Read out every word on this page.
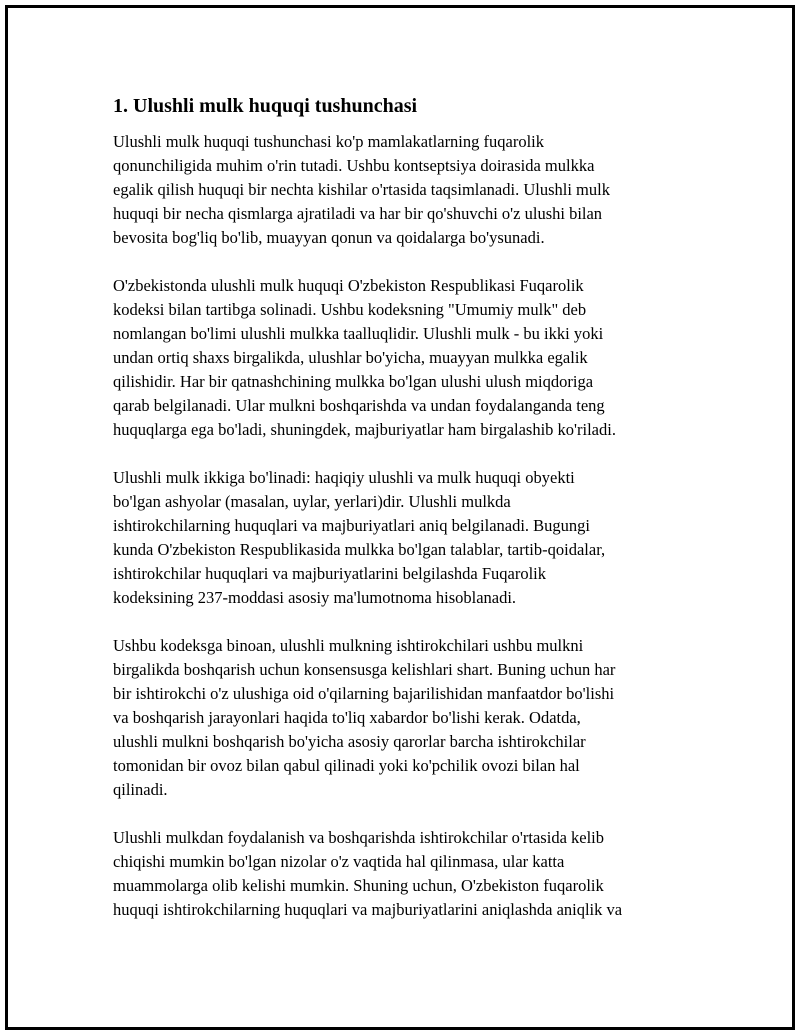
1. Ulushli mulk huquqi tushunchasi
Ulushli mulk huquqi tushunchasi ko'p mamlakatlarning fuqarolik
qonunchiligida muhim o'rin tutadi. Ushbu kontseptsiya doirasida mulkka
egalik qilish huquqi bir nechta kishilar o'rtasida taqsimlanadi. Ulushli mulk
huquqi bir necha qismlarga ajratiladi va har bir qo'shuvchi o'z ulushi bilan
bevosita bog'liq bo'lib, muayyan qonun va qoidalarga bo'ysunadi.
O'zbekistonda ulushli mulk huquqi O'zbekiston Respublikasi Fuqarolik
kodeksi bilan tartibga solinadi. Ushbu kodeksning "Umumiy mulk" deb
nomlangan bo'limi ulushli mulkka taalluqlidir. Ulushli mulk - bu ikki yoki
undan ortiq shaxs birgalikda, ulushlar bo'yicha, muayyan mulkka egalik
qilishidir. Har bir qatnashchining mulkka bo'lgan ulushi ulush miqdoriga
qarab belgilanadi. Ular mulkni boshqarishda va undan foydalanganda teng
huquqlarga ega bo'ladi, shuningdek, majburiyatlar ham birgalashib ko'riladi.
Ulushli mulk ikkiga bo'linadi: haqiqiy ulushli va mulk huquqi obyekti
bo'lgan ashyolar (masalan, uylar, yerlari)dir. Ulushli mulkda
ishtirokchilarning huquqlari va majburiyatlari aniq belgilanadi. Bugungi
kunda O'zbekiston Respublikasida mulkka bo'lgan talablar, tartib-qoidalar,
ishtirokchilar huquqlari va majburiyatlarini belgilashda Fuqarolik
kodeksining 237-moddasi asosiy ma'lumotnoma hisoblanadi.
Ushbu kodeksga binoan, ulushli mulkning ishtirokchilari ushbu mulkni
birgalikda boshqarish uchun konsensusga kelishlari shart. Buning uchun har
bir ishtirokchi o'z ulushiga oid o'qilarning bajarilishidan manfaatdor bo'lishi
va boshqarish jarayonlari haqida to'liq xabardor bo'lishi kerak. Odatda,
ulushli mulkni boshqarish bo'yicha asosiy qarorlar barcha ishtirokchilar
tomonidan bir ovoz bilan qabul qilinadi yoki ko'pchilik ovozi bilan hal
qilinadi.
Ulushli mulkdan foydalanish va boshqarishda ishtirokchilar o'rtasida kelib
chiqishi mumkin bo'lgan nizolar o'z vaqtida hal qilinmasa, ular katta
muammolarga olib kelishi mumkin. Shuning uchun, O'zbekiston fuqarolik
huquqi ishtirokchilarning huquqlari va majburiyatlarini aniqlashda aniqlik va
